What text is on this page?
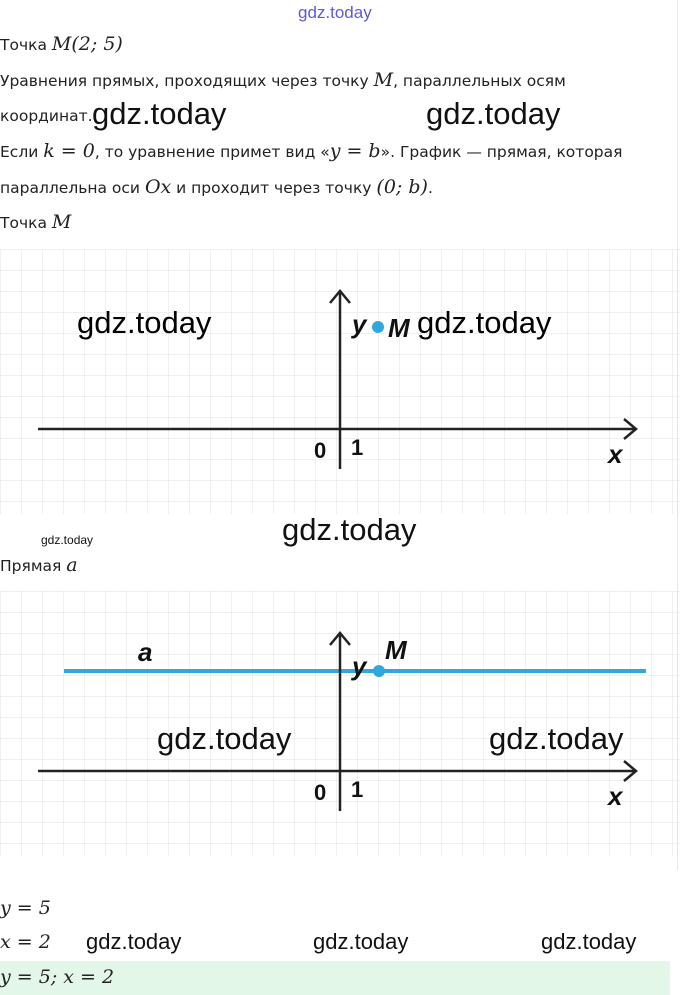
gdz.today
Точка M(2; 5)
Уравнения прямых, проходящих через точку M, параллельных осям
координат.
Если k = 0, то уравнение примет вид «y = b». График — прямая, которая
параллельна оси Ox и проходит через точку (0; b).
Точка M
gdz.today	gdz.today
y
x
0 1
M
gdz.today	gdz.today
gdz.today	gdz.today
Прямая a
a	y
x
0 1
M
gdz.today	gdz.today
y = 5
x = 2 gdz.today	gdz.today	gdz.today
y = 5; x = 2
